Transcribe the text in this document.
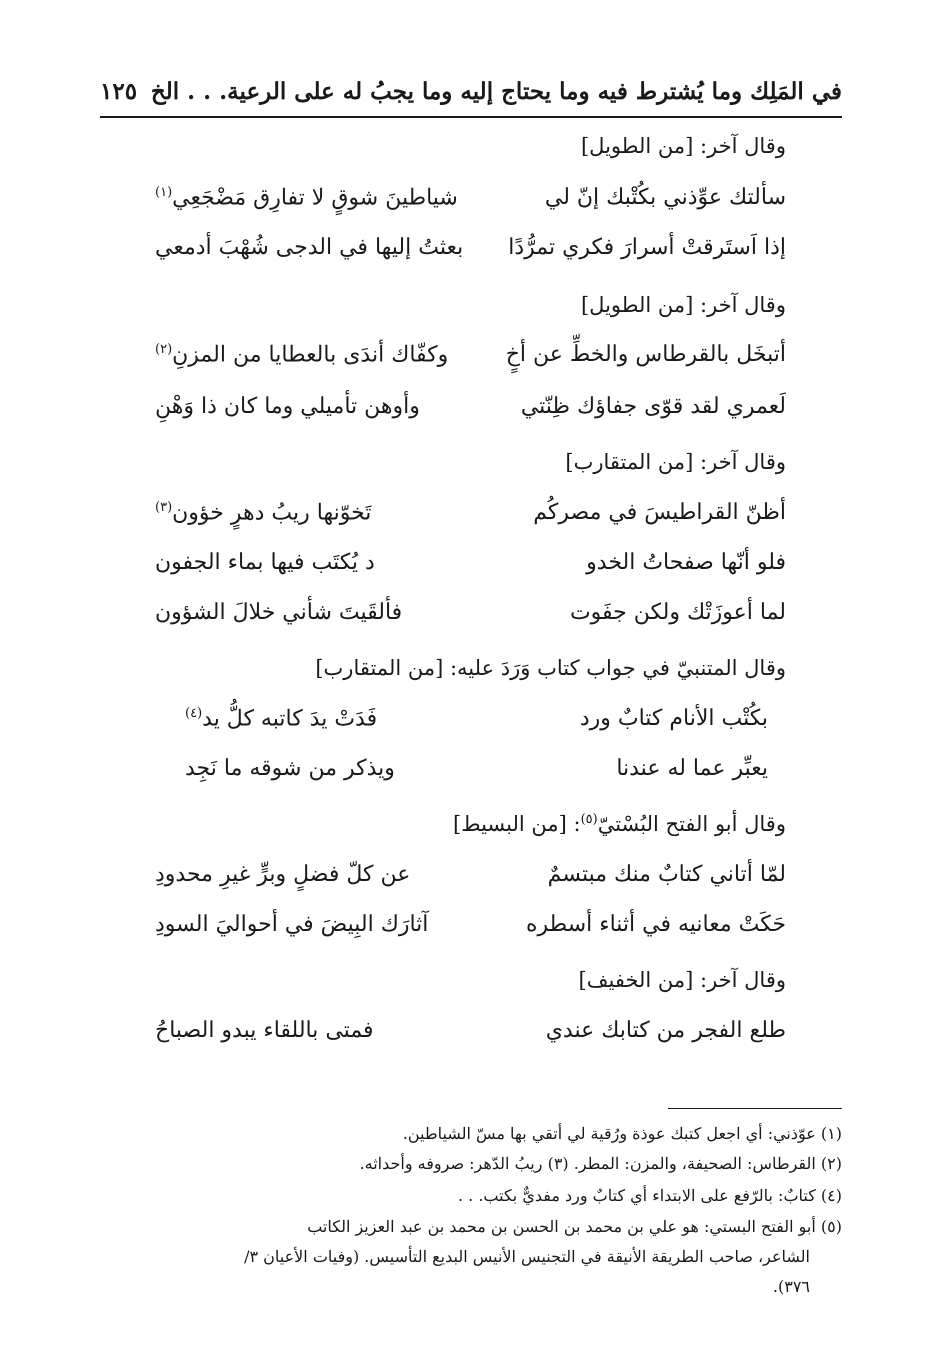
في المَلِك وما يُشترط فيه وما يحتاج إليه وما يجبُ له على الرعية. . . الخ
١٢٥
وقال آخر: [من الطويل]
سألتك عوِّذني بكُتْبك إنّ لي
شياطينَ شوقٍ لا تفارِق مَضْجَعِي$^{(١)}$
إذا اَستَرقتْ أسرارَ فكري تمرُّدًا
بعثتُ إليها في الدجى شُهْبَ أدمعي
وقال آخر: [من الطويل]
أتبخَل بالقرطاس والخطِّ عن أخٍ
وكفّاك أندَى بالعطايا من المزنِ$^{(٢)}$
لَعمري لقد قوّى جفاؤك ظِنّتي
وأوهن تأميلي وما كان ذا وَهْنِ
وقال آخر: [من المتقارب]
أظنّ القراطيسَ في مصركُم
تَخوّنها ريبُ دهرٍ خؤون$^{(٣)}$
فلو أنّها صفحاتُ الخدو
د يُكتَب فيها بماء الجفون
لما أعوزَتْك ولكن جفَوت
فألقَيتَ شأني خلالَ الشؤون
وقال المتنبيّ في جواب كتاب وَرَدَ عليه: [من المتقارب]
بكُتْب الأنام كتابٌ ورد
فَدَتْ يدَ كاتبه كلُّ يد$^{(٤)}$
يعبِّر عما له عندنا
ويذكر من شوقه ما نَجِد
وقال أبو الفتح البُسْتيّ$^{(٥)}$: [من البسيط]
لمّا أتاني كتابٌ منك مبتسمٌ
عن كلّ فضلٍ وبرٍّ غيرِ محدودِ
حَكَتْ معانيه في أثناء أسطره
آثارَك البِيضَ في أحواليَ السودِ
وقال آخر: [من الخفيف]
طلع الفجر من كتابك عندي
فمتى باللقاء يبدو الصباحُ
(١) عوّذني: أي اجعل كتبك عوذة ورُقية لي أتقي بها مسّ الشياطين.
(٢) القرطاس: الصحيفة، والمزن: المطر. (٣) ريبُ الدّهر: صروفه وأحداثه.
(٤) كتابٌ: بالرّفع على الابتداء أي كتابٌ ورد مفديٌّ بكتب. . .
(٥) أبو الفتح البستي: هو علي بن محمد بن الحسن بن محمد بن عبد العزيز الكاتب
الشاعر، صاحب الطريقة الأنيقة في التجنيس الأنيس البديع التأسيس. (وفيات الأعيان ٣/
٣٧٦).
